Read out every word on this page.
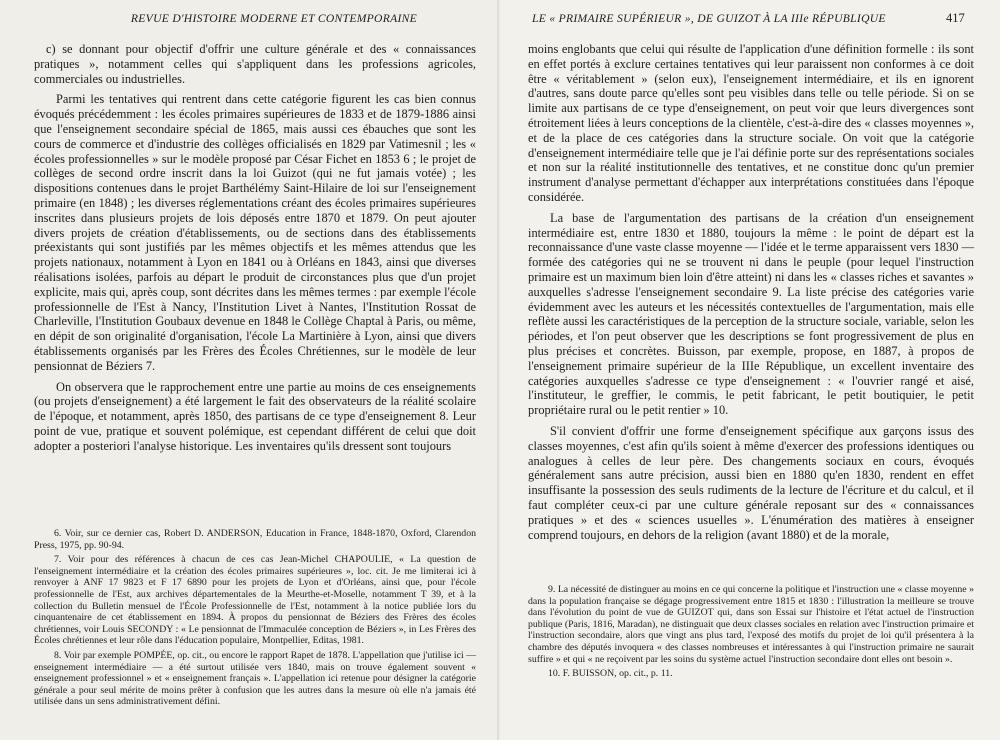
REVUE D'HISTOIRE MODERNE ET CONTEMPORAINE

c) se donnant pour objectif d'offrir une culture générale et des « connaissances pratiques », notamment celles qui s'appliquent dans les professions agricoles, commerciales ou industrielles.

Parmi les tentatives qui rentrent dans cette catégorie figurent les cas bien connus évoqués précédemment : les écoles primaires supérieures de 1833 et de 1879-1886 ainsi que l'enseignement secondaire spécial de 1865, mais aussi ces ébauches que sont les cours de commerce et d'industrie des collèges officialisés en 1829 par Vatimesnil ; les « écoles professionnelles » sur le modèle proposé par César Fichet en 1853 6 ; le projet de collèges de second ordre inscrit dans la loi Guizot (qui ne fut jamais votée) ; les dispositions contenues dans le projet Barthélémy Saint-Hilaire de loi sur l'enseignement primaire (en 1848) ; les diverses réglementations créant des écoles primaires supérieures inscrites dans plusieurs projets de lois déposés entre 1870 et 1879. On peut ajouter divers projets de création d'établissements, ou de sections dans des établissements préexistants qui sont justifiés par les mêmes objectifs et les mêmes attendus que les projets nationaux, notamment à Lyon en 1841 ou à Orléans en 1843, ainsi que diverses réalisations isolées, parfois au départ le produit de circonstances plus que d'un projet explicite, mais qui, après coup, sont décrites dans les mêmes termes : par exemple l'école professionnelle de l'Est à Nancy, l'Institution Livet à Nantes, l'Institution Rossat de Charleville, l'Institution Goubaux devenue en 1848 le Collège Chaptal à Paris, ou même, en dépit de son originalité d'organisation, l'école La Martinière à Lyon, ainsi que divers établissements organisés par les Frères des Écoles Chrétiennes, sur le modèle de leur pensionnat de Béziers 7.

On observera que le rapprochement entre une partie au moins de ces enseignements (ou projets d'enseignement) a été largement le fait des observateurs de la réalité scolaire de l'époque, et notamment, après 1850, des partisans de ce type d'enseignement 8. Leur point de vue, pratique et souvent polémique, est cependant différent de celui que doit adopter a posteriori l'analyse historique. Les inventaires qu'ils dressent sont toujours

6. Voir, sur ce dernier cas, Robert D. ANDERSON, Education in France, 1848-1870, Oxford, Clarendon Press, 1975, pp. 90-94.

7. Voir pour des références à chacun de ces cas Jean-Michel CHAPOULIE, « La question de l'enseignement intermédiaire et la création des écoles primaires supérieures », loc. cit. Je me limiterai ici à renvoyer à ANF 17 9823 et F 17 6890 pour les projets de Lyon et d'Orléans, ainsi que, pour l'école professionnelle de l'Est, aux archives départementales de la Meurthe-et-Moselle, notamment T 39, et à la collection du Bulletin mensuel de l'École Professionnelle de l'Est, notamment à la notice publiée lors du cinquantenaire de cet établissement en 1894. À propos du pensionnat de Béziers des Frères des écoles chrétiennes, voir Louis SECONDY : « Le pensionnat de l'Immaculée conception de Béziers », in Les Frères des Écoles chrétiennes et leur rôle dans l'éducation populaire, Montpellier, Editas, 1981.

8. Voir par exemple POMPÉE, op. cit., ou encore le rapport Rapet de 1878. L'appellation que j'utilise ici — enseignement intermédiaire — a été surtout utilisée vers 1840, mais on trouve également souvent « enseignement professionnel » et « enseignement français ». L'appellation ici retenue pour désigner la catégorie générale a pour seul mérite de moins prêter à confusion que les autres dans la mesure où elle n'a jamais été utilisée dans un sens administrativement défini.

LE « PRIMAIRE SUPÉRIEUR », DE GUIZOT À LA IIIe RÉPUBLIQUE	417

moins englobants que celui qui résulte de l'application d'une définition formelle : ils sont en effet portés à exclure certaines tentatives qui leur paraissent non conformes à ce doit être « véritablement » (selon eux), l'enseignement intermédiaire, et ils en ignorent d'autres, sans doute parce qu'elles sont peu visibles dans telle ou telle période. Si on se limite aux partisans de ce type d'enseignement, on peut voir que leurs divergences sont étroitement liées à leurs conceptions de la clientèle, c'est-à-dire des « classes moyennes », et de la place de ces catégories dans la structure sociale. On voit que la catégorie d'enseignement intermédiaire telle que je l'ai définie porte sur des représentations sociales et non sur la réalité institutionnelle des tentatives, et ne constitue donc qu'un premier instrument d'analyse permettant d'échapper aux interprétations constituées dans l'époque considérée.

La base de l'argumentation des partisans de la création d'un enseignement intermédiaire est, entre 1830 et 1880, toujours la même : le point de départ est la reconnaissance d'une vaste classe moyenne — l'idée et le terme apparaissent vers 1830 — formée des catégories qui ne se trouvent ni dans le peuple (pour lequel l'instruction primaire est un maximum bien loin d'être atteint) ni dans les « classes riches et savantes » auxquelles s'adresse l'enseignement secondaire 9. La liste précise des catégories varie évidemment avec les auteurs et les nécessités contextuelles de l'argumentation, mais elle reflète aussi les caractéristiques de la perception de la structure sociale, variable, selon les périodes, et l'on peut observer que les descriptions se font progressivement de plus en plus précises et concrètes. Buisson, par exemple, propose, en 1887, à propos de l'enseignement primaire supérieur de la IIIe République, un excellent inventaire des catégories auxquelles s'adresse ce type d'enseignement : « l'ouvrier rangé et aisé, l'instituteur, le greffier, le commis, le petit fabricant, le petit boutiquier, le petit propriétaire rural ou le petit rentier » 10.

S'il convient d'offrir une forme d'enseignement spécifique aux garçons issus des classes moyennes, c'est afin qu'ils soient à même d'exercer des professions identiques ou analogues à celles de leur père. Des changements sociaux en cours, évoqués généralement sans autre précision, aussi bien en 1880 qu'en 1830, rendent en effet insuffisante la possession des seuls rudiments de la lecture de l'écriture et du calcul, et il faut compléter ceux-ci par une culture générale reposant sur des « connaissances pratiques » et des « sciences usuelles ». L'énumération des matières à enseigner comprend toujours, en dehors de la religion (avant 1880) et de la morale,

9. La nécessité de distinguer au moins en ce qui concerne la politique et l'instruction une « classe moyenne » dans la population française se dégage progressivement entre 1815 et 1830 : l'illustration la meilleure se trouve dans l'évolution du point de vue de GUIZOT qui, dans son Essai sur l'histoire et l'état actuel de l'instruction publique (Paris, 1816, Maradan), ne distinguait que deux classes sociales en relation avec l'instruction primaire et l'instruction secondaire, alors que vingt ans plus tard, l'exposé des motifs du projet de loi qu'il présentera à la chambre des députés invoquera « des classes nombreuses et intéressantes à qui l'instruction primaire ne saurait suffire » et qui « ne reçoivent par les soins du système actuel l'instruction secondaire dont elles ont besoin ».

10. F. BUISSON, op. cit., p. 11.
